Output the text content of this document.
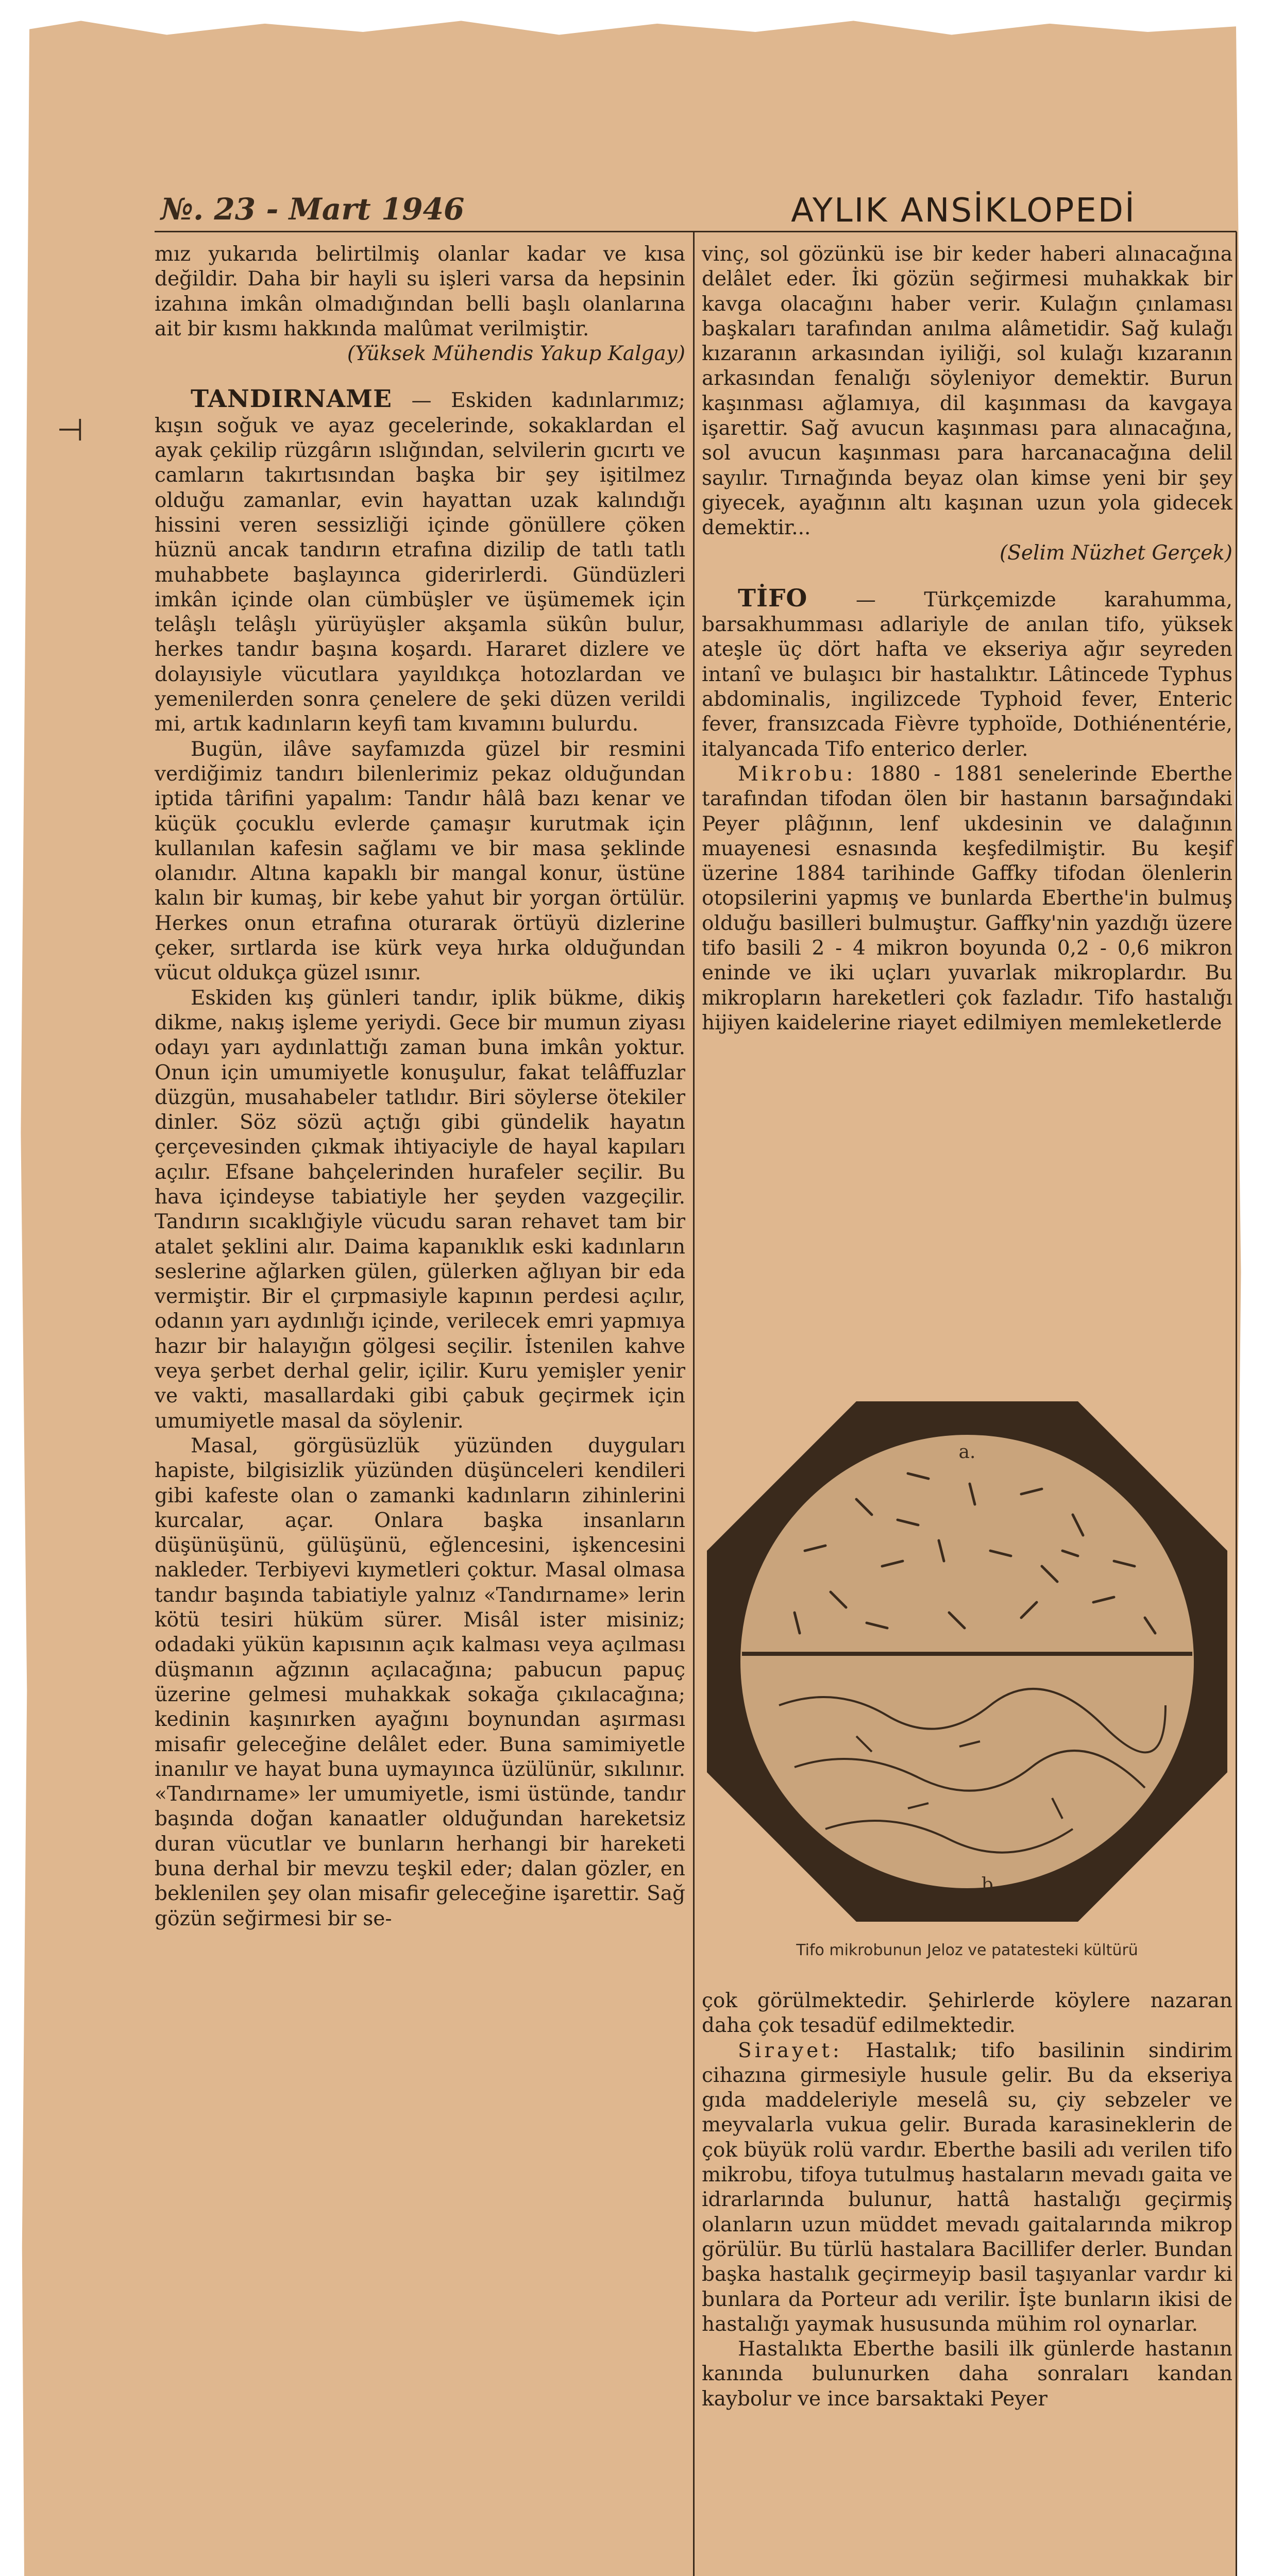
№. 23 - Mart 1946	AYLIK ANSİKLOPEDİ
⊣

mız yukarıda belirtilmiş olanlar kadar ve kısa değildir. Daha bir hayli su işleri varsa da hepsinin izahına imkân olmadığından belli başlı olanlarına ait bir kısmı hakkında malûmat verilmiştir.

(Yüksek Mühendis Yakup Kalgay)

TANDIRNAME — Eskiden kadınlarımız; kışın soğuk ve ayaz gecelerinde, sokaklardan el ayak çekilip rüzgârın ıslığından, selvilerin gıcırtı ve camların takırtısından başka bir şey işitilmez olduğu zamanlar, evin hayattan uzak kalındığı hissini veren sessizliği içinde gönüllere çöken hüznü ancak tandırın etrafına dizilip de tatlı tatlı muhabbete başlayınca giderirlerdi. Gündüzleri imkân içinde olan cümbüşler ve üşümemek için telâşlı telâşlı yürüyüşler akşamla sükûn bulur, herkes tandır başına koşardı. Hararet dizlere ve dolayısiyle vücutlara yayıldıkça hotozlardan ve yemenilerden sonra çenelere de şeki düzen verildi mi, artık kadınların keyfi tam kıvamını bulurdu.

Bugün, ilâve sayfamızda güzel bir resmini verdiğimiz tandırı bilenlerimiz pekaz olduğundan iptida târifini yapalım: Tandır hâlâ bazı kenar ve küçük çocuklu evlerde çamaşır kurutmak için kullanılan kafesin sağlamı ve bir masa şeklinde olanıdır. Altına kapaklı bir mangal konur, üstüne kalın bir kumaş, bir kebe yahut bir yorgan örtülür. Herkes onun etrafına oturarak örtüyü dizlerine çeker, sırtlarda ise kürk veya hırka olduğundan vücut oldukça güzel ısınır.

Eskiden kış günleri tandır, iplik bükme, dikiş dikme, nakış işleme yeriydi. Gece bir mumun ziyası odayı yarı aydınlattığı zaman buna imkân yoktur. Onun için umumiyetle konuşulur, fakat telâffuzlar düzgün, musahabeler tatlıdır. Biri söylerse ötekiler dinler. Söz sözü açtığı gibi gündelik hayatın çerçevesinden çıkmak ihtiyaciyle de hayal kapıları açılır. Efsane bahçelerinden hurafeler seçilir. Bu hava içindeyse tabiatiyle her şeyden vazgeçilir. Tandırın sıcaklığiyle vücudu saran rehavet tam bir atalet şeklini alır. Daima kapanıklık eski kadınların seslerine ağlarken gülen, gülerken ağlıyan bir eda vermiştir. Bir el çırpmasiyle kapının perdesi açılır, odanın yarı aydınlığı içinde, verilecek emri yapmıya hazır bir halayığın gölgesi seçilir. İstenilen kahve veya şerbet derhal gelir, içilir. Kuru yemişler yenir ve vakti, masallardaki gibi çabuk geçirmek için umumiyetle masal da söylenir.

Masal, görgüsüzlük yüzünden duyguları hapiste, bilgisizlik yüzünden düşünceleri kendileri gibi kafeste olan o zamanki kadınların zihinlerini kurcalar, açar. Onlara başka insanların düşünüşünü, gülüşünü, eğlencesini, işkencesini nakleder. Terbiyevi kıymetleri çoktur. Masal olmasa tandır başında tabiatiyle yalnız «Tandırname» lerin kötü tesiri hüküm sürer. Misâl ister misiniz; odadaki yükün kapısının açık kalması veya açılması düşmanın ağzının açılacağına; pabucun papuç üzerine gelmesi muhakkak sokağa çıkılacağına; kedinin kaşınırken ayağını boynundan aşırması misafir geleceğine delâlet eder. Buna samimiyetle inanılır ve hayat buna uymayınca üzülünür, sıkılınır. «Tandırname» ler umumiyetle, ismi üstünde, tandır başında doğan kanaatler olduğundan hareketsiz duran vücutlar ve bunların herhangi bir hareketi buna derhal bir mevzu teşkil eder; dalan gözler, en beklenilen şey olan misafir geleceğine işarettir. Sağ gözün seğirmesi bir se-

vinç, sol gözünkü ise bir keder haberi alınacağına delâlet eder. İki gözün seğirmesi muhakkak bir kavga olacağını haber verir. Kulağın çınlaması başkaları tarafından anılma alâmetidir. Sağ kulağı kızaranın arkasından iyiliği, sol kulağı kızaranın arkasından fenalığı söyleniyor demektir. Burun kaşınması ağlamıya, dil kaşınması da kavgaya işarettir. Sağ avucun kaşınması para alınacağına, sol avucun kaşınması para harcanacağına delil sayılır. Tırnağında beyaz olan kimse yeni bir şey giyecek, ayağının altı kaşınan uzun yola gidecek demektir...

(Selim Nüzhet Gerçek)

TİFO — Türkçemizde karahumma, barsakhumması adlariyle de anılan tifo, yüksek ateşle üç dört hafta ve ekseriya ağır seyreden intanî ve bulaşıcı bir hastalıktır. Lâtincede Typhus abdominalis, ingilizcede Typhoid fever, Enteric fever, fransızcada Fièvre typhoïde, Dothiénentérie, italyancada Tifo enterico derler.

Mikrobu: 1880 - 1881 senelerinde Eberthe tarafından tifodan ölen bir hastanın barsağındaki Peyer plâğının, lenf ukdesinin ve dalağının muayenesi esnasında keşfedilmiştir. Bu keşif üzerine 1884 tarihinde Gaffky tifodan ölenlerin otopsilerini yapmış ve bunlarda Eberthe'in bulmuş olduğu basilleri bulmuştur. Gaffky'nin yazdığı üzere tifo basili 2 - 4 mikron boyunda 0,2 - 0,6 mikron eninde ve iki uçları yuvarlak mikroplardır. Bu mikropların hareketleri çok fazladır. Tifo hastalığı hijiyen kaidelerine riayet edilmiyen memleketlerde

a.
b.
Tifo mikrobunun Jeloz ve patatesteki kültürü

çok görülmektedir. Şehirlerde köylere nazaran daha çok tesadüf edilmektedir.

Sirayet: Hastalık; tifo basilinin sindirim cihazına girmesiyle husule gelir. Bu da ekseriya gıda maddeleriyle meselâ su, çiy sebzeler ve meyvalarla vukua gelir. Burada karasineklerin de çok büyük rolü vardır. Eberthe basili adı verilen tifo mikrobu, tifoya tutulmuş hastaların mevadı gaita ve idrarlarında bulunur, hattâ hastalığı geçirmiş olanların uzun müddet mevadı gaitalarında mikrop görülür. Bu türlü hastalara Bacillifer derler. Bundan başka hastalık geçirmeyip basil taşıyanlar vardır ki bunlara da Porteur adı verilir. İşte bunların ikisi de hastalığı yaymak hususunda mühim rol oynarlar.

Hastalıkta Eberthe basili ilk günlerde hastanın kanında bulunurken daha sonraları kandan kaybolur ve ince barsaktaki Peyer
